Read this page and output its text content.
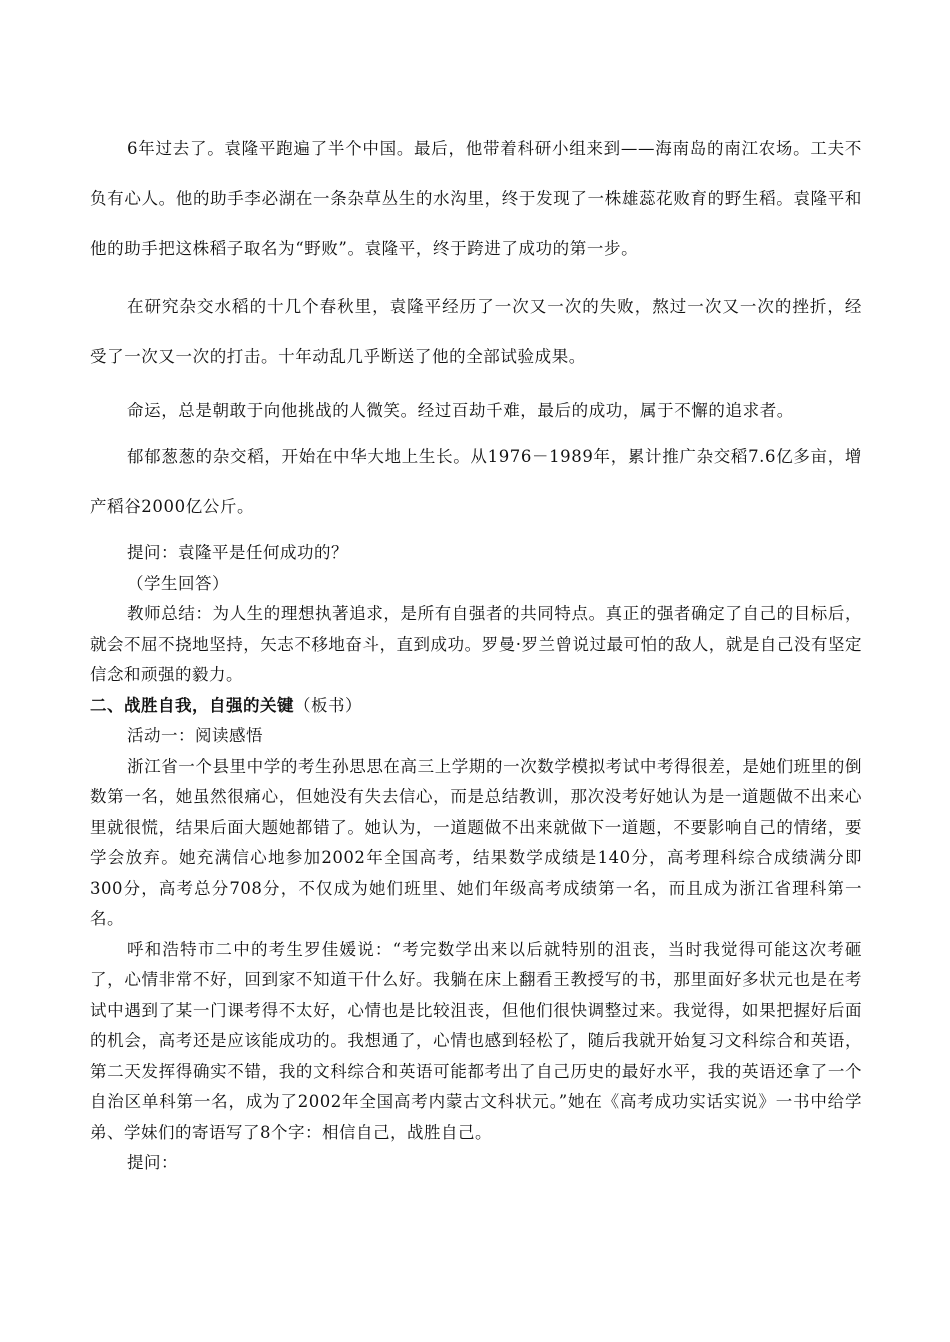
6年过去了。袁隆平跑遍了半个中国。最后，他带着科研小组来到——海南岛的南江农场。工夫不负有心人。他的助手李必湖在一条杂草丛生的水沟里，终于发现了一株雄蕊花败育的野生稻。袁隆平和他的助手把这株稻子取名为“野败”。袁隆平，终于跨进了成功的第一步。

在研究杂交水稻的十几个春秋里，袁隆平经历了一次又一次的失败，熬过一次又一次的挫折，经受了一次又一次的打击。十年动乱几乎断送了他的全部试验成果。

命运，总是朝敢于向他挑战的人微笑。经过百劫千难，最后的成功，属于不懈的追求者。

郁郁葱葱的杂交稻，开始在中华大地上生长。从1976－1989年，累计推广杂交稻7.6亿多亩，增产稻谷2000亿公斤。

提问：袁隆平是任何成功的？

（学生回答）

教师总结：为人生的理想执著追求，是所有自强者的共同特点。真正的强者确定了自己的目标后，就会不屈不挠地坚持，矢志不移地奋斗，直到成功。罗曼·罗兰曾说过最可怕的敌人，就是自己没有坚定信念和顽强的毅力。

二、战胜自我，自强的关键（板书）

活动一：阅读感悟

浙江省一个县里中学的考生孙思思在高三上学期的一次数学模拟考试中考得很差，是她们班里的倒数第一名，她虽然很痛心，但她没有失去信心，而是总结教训，那次没考好她认为是一道题做不出来心里就很慌，结果后面大题她都错了。她认为，一道题做不出来就做下一道题，不要影响自己的情绪，要学会放弃。她充满信心地参加2002年全国高考，结果数学成绩是140分，高考理科综合成绩满分即300分，高考总分708分，不仅成为她们班里、她们年级高考成绩第一名，而且成为浙江省理科第一名。

呼和浩特市二中的考生罗佳媛说：“考完数学出来以后就特别的沮丧，当时我觉得可能这次考砸了，心情非常不好，回到家不知道干什么好。我躺在床上翻看王教授写的书，那里面好多状元也是在考试中遇到了某一门课考得不太好，心情也是比较沮丧，但他们很快调整过来。我觉得，如果把握好后面的机会，高考还是应该能成功的。我想通了，心情也感到轻松了，随后我就开始复习文科综合和英语，第二天发挥得确实不错，我的文科综合和英语可能都考出了自己历史的最好水平，我的英语还拿了一个自治区单科第一名，成为了2002年全国高考内蒙古文科状元。”她在《高考成功实话实说》一书中给学弟、学妹们的寄语写了8个字：相信自己，战胜自己。

提问：
